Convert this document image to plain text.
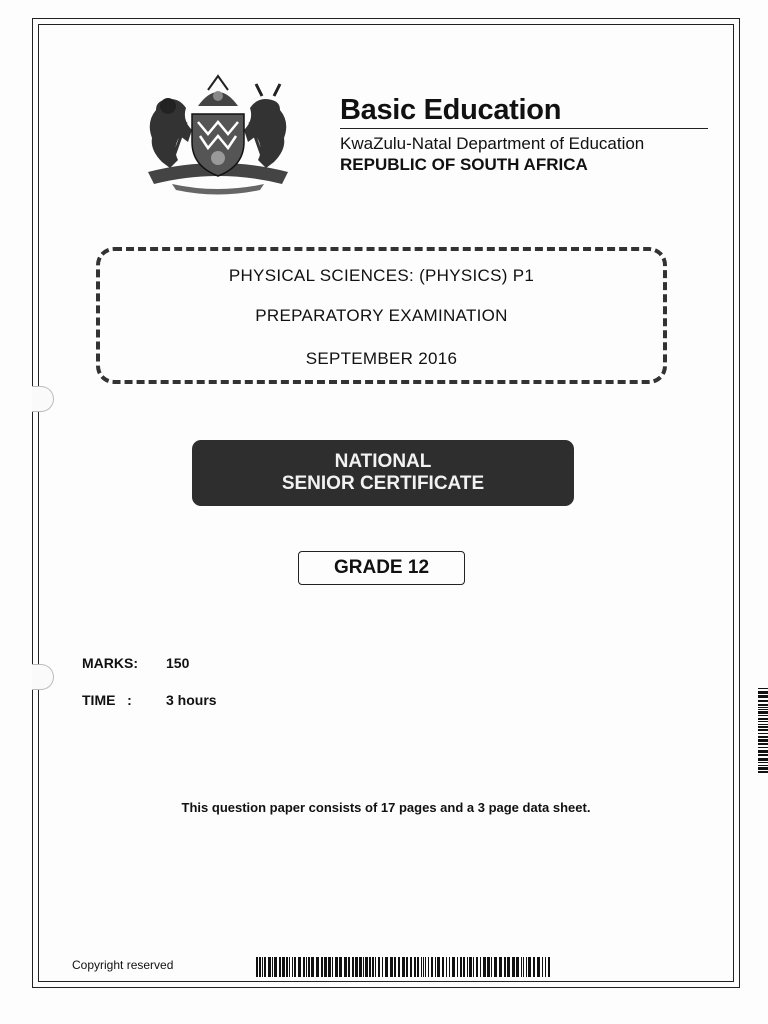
Basic Education
KwaZulu-Natal Department of Education
REPUBLIC OF SOUTH AFRICA
PHYSICAL SCIENCES: (PHYSICS) P1
PREPARATORY EXAMINATION
SEPTEMBER 2016
NATIONAL
SENIOR CERTIFICATE
GRADE 12
MARKS: 150
TIME   : 3 hours
This question paper consists of 17 pages and a 3 page data sheet.
Copyright reserved
